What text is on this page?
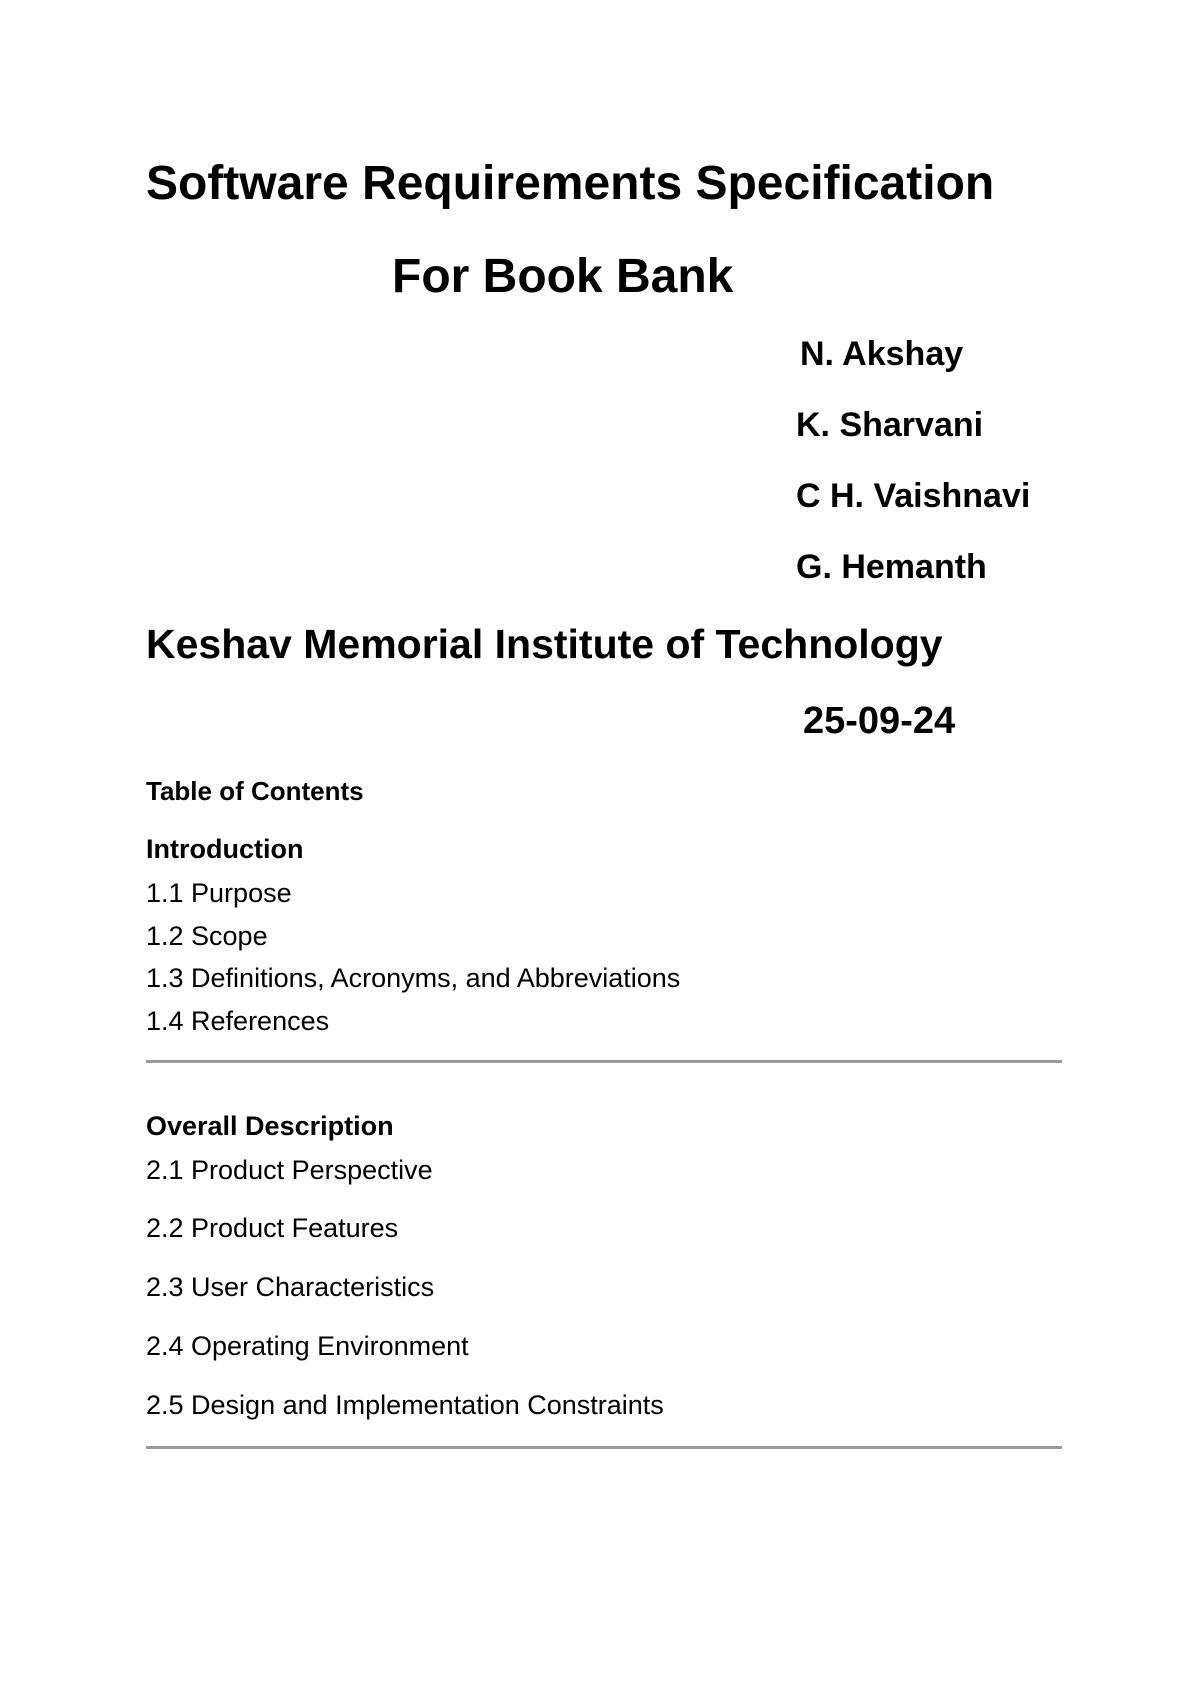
Software Requirements Specification
For Book Bank
N. Akshay
K. Sharvani
C H. Vaishnavi
G. Hemanth
Keshav Memorial Institute of Technology
25-09-24
Table of Contents
Introduction
1.1 Purpose
1.2 Scope
1.3 Definitions, Acronyms, and Abbreviations
1.4 References
Overall Description
2.1 Product Perspective
2.2 Product Features
2.3 User Characteristics
2.4 Operating Environment
2.5 Design and Implementation Constraints
